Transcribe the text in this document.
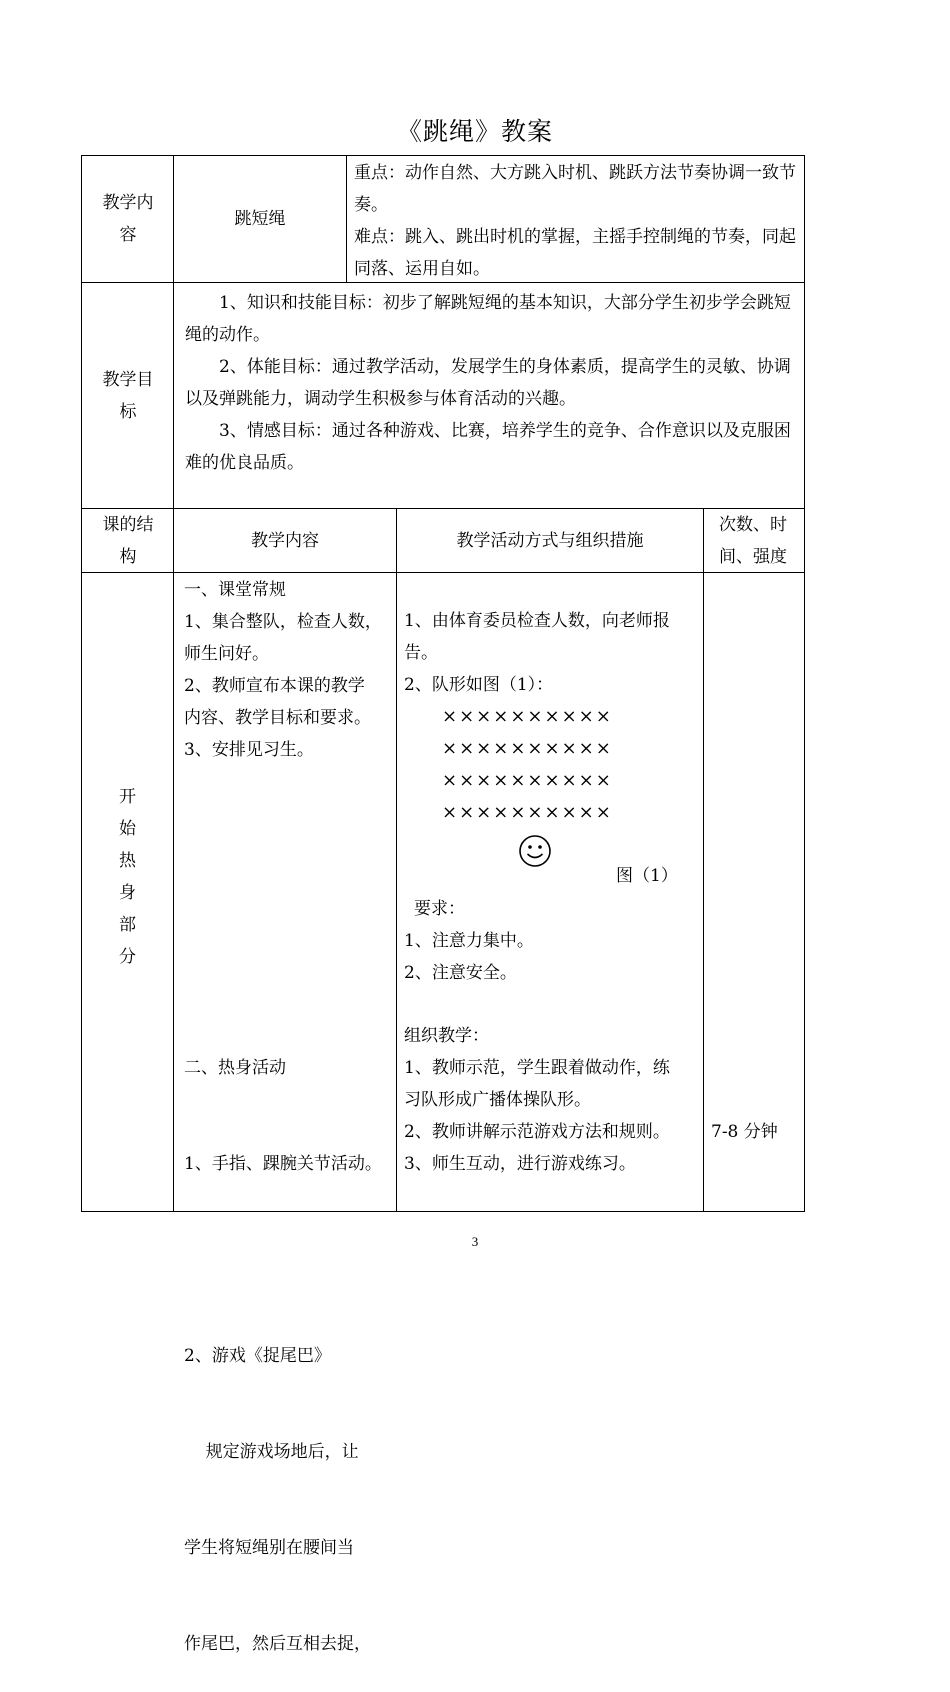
《跳绳》教案
教学内容
跳短绳

重点：动作自然、大方跳入时机、跳跃方法节奏协调一致节奏。

难点：跳入、跳出时机的掌握，主摇手控制绳的节奏，同起同落、运用自如。

教学目标

1、知识和技能目标：初步了解跳短绳的基本知识，大部分学生初步学会跳短绳的动作。

2、体能目标：通过教学活动，发展学生的身体素质，提高学生的灵敏、协调以及弹跳能力，调动学生积极参与体育活动的兴趣。

3、情感目标：通过各种游戏、比赛，培养学生的竞争、合作意识以及克服困难的优良品质。

课的结构
教学内容	教学活动方式与组织措施
次数、时间、强度
开
始
热
身
部
分
一、课堂常规
1、集合整队，检查人数，
师生问好。
2、教师宣布本课的教学
内容、教学目标和要求。
3、安排见习生。

二、热身活动

1、手指、踝腕关节活动。

2、游戏《捉尾巴》

规定游戏场地后，让

学生将短绳别在腰间当

作尾巴，然后互相去捉，

1、由体育委员检查人数，向老师报
告。
2、队形如图（1）：
××××××××××
××××××××××
××××××××××
××××××××××
图（1）
要求：
1、注意力集中。
2、注意安全。
组织教学：
1、教师示范，学生跟着做动作，练
习队形成广播体操队形。
2、教师讲解示范游戏方法和规则。
3、师生互动，进行游戏练习。
7-8 分钟
3
